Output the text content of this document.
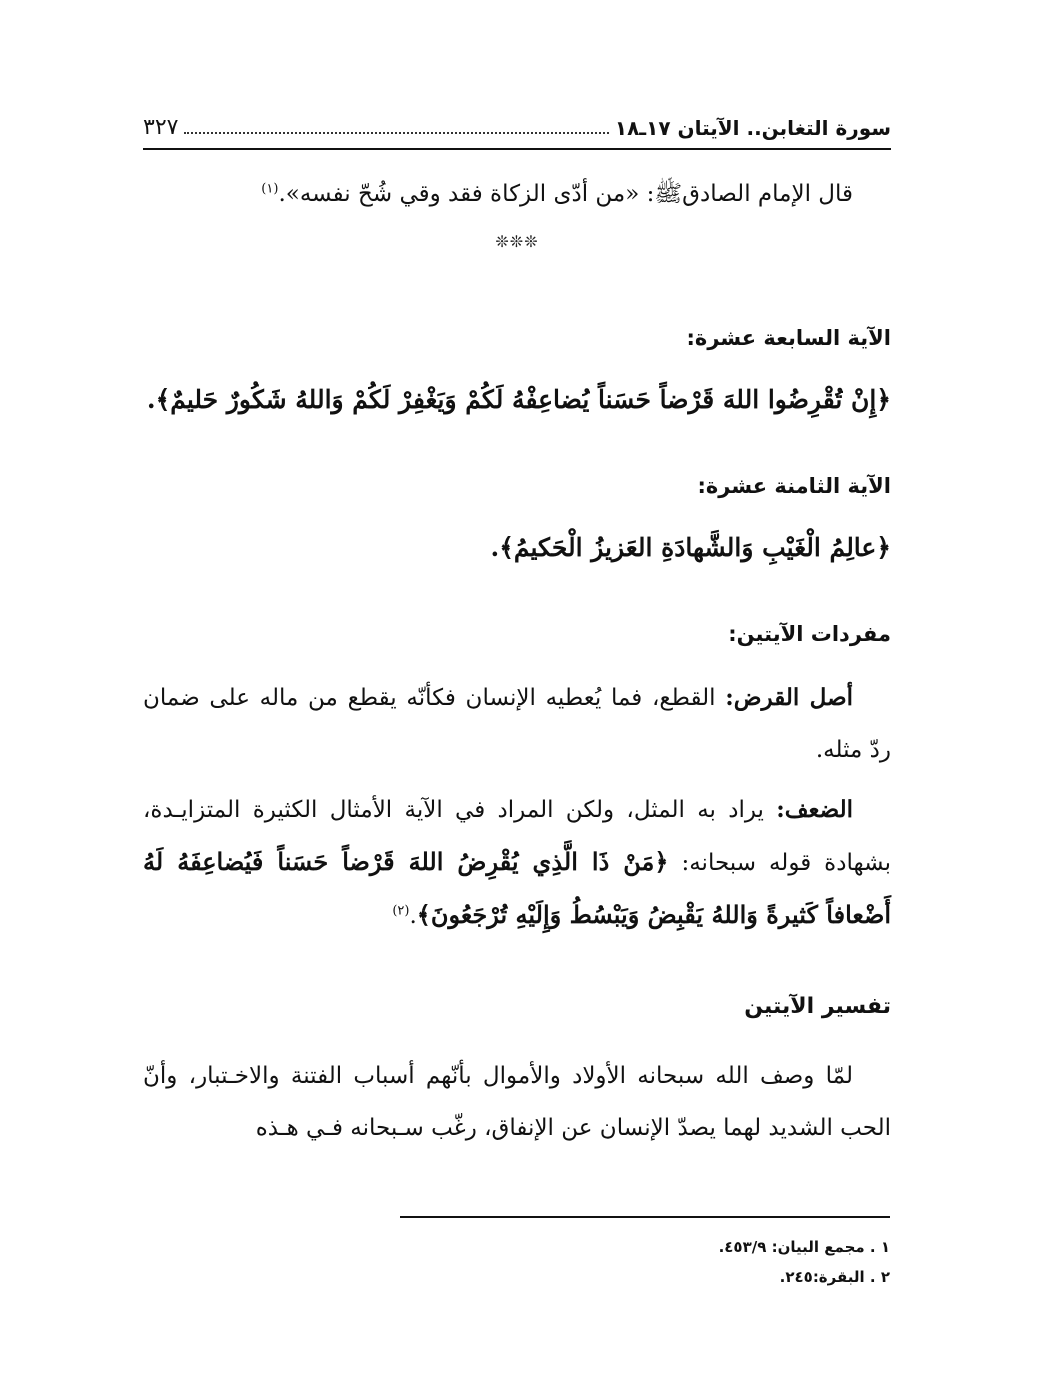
سورة التغابن.. الآيتان ١٧ـ١٨
٣٢٧
قال الإمام الصادقﷺ: «من أدّى الزكاة فقد وقي شُحّ نفسه».$^{(١)}$
❊❊❊
الآية السابعة عشرة:
﴿إِنْ تُقْرِضُوا اللهَ قَرْضاً حَسَناً يُضاعِفْهُ لَكُمْ وَيَغْفِرْ لَكُمْ وَاللهُ شَكُورٌ حَليمٌ﴾.
الآية الثامنة عشرة:
﴿عالِمُ الْغَيْبِ وَالشَّهادَةِ العَزيزُ الْحَكيمُ﴾.
مفردات الآيتين:
أصل القرض: القطع، فما يُعطيه الإنسان فكأنّه يقطع من ماله على ضمان ردّ مثله.
الضعف: يراد به المثل، ولكن المراد في الآية الأمثال الكثيرة المتزايـدة، بشهادة قوله سبحانه: ﴿مَنْ ذَا الَّذِي يُقْرِضُ اللهَ قَرْضاً حَسَناً فَيُضاعِفَهُ لَهُ أَضْعافاً كَثيرةً وَاللهُ يَقْبِضُ وَيَبْسُطُ وَإِلَيْهِ تُرْجَعُونَ﴾.$^{(٢)}$
تفسير الآيتين
لمّا وصف الله سبحانه الأولاد والأموال بأنّهم أسباب الفتنة والاخـتبار، وأنّ الحب الشديد لهما يصدّ الإنسان عن الإنفاق، رغّب سـبحانه فـي هـذه
١ . مجمع البيان: ٤٥٣/٩.
٢ . البقرة:٢٤٥.
